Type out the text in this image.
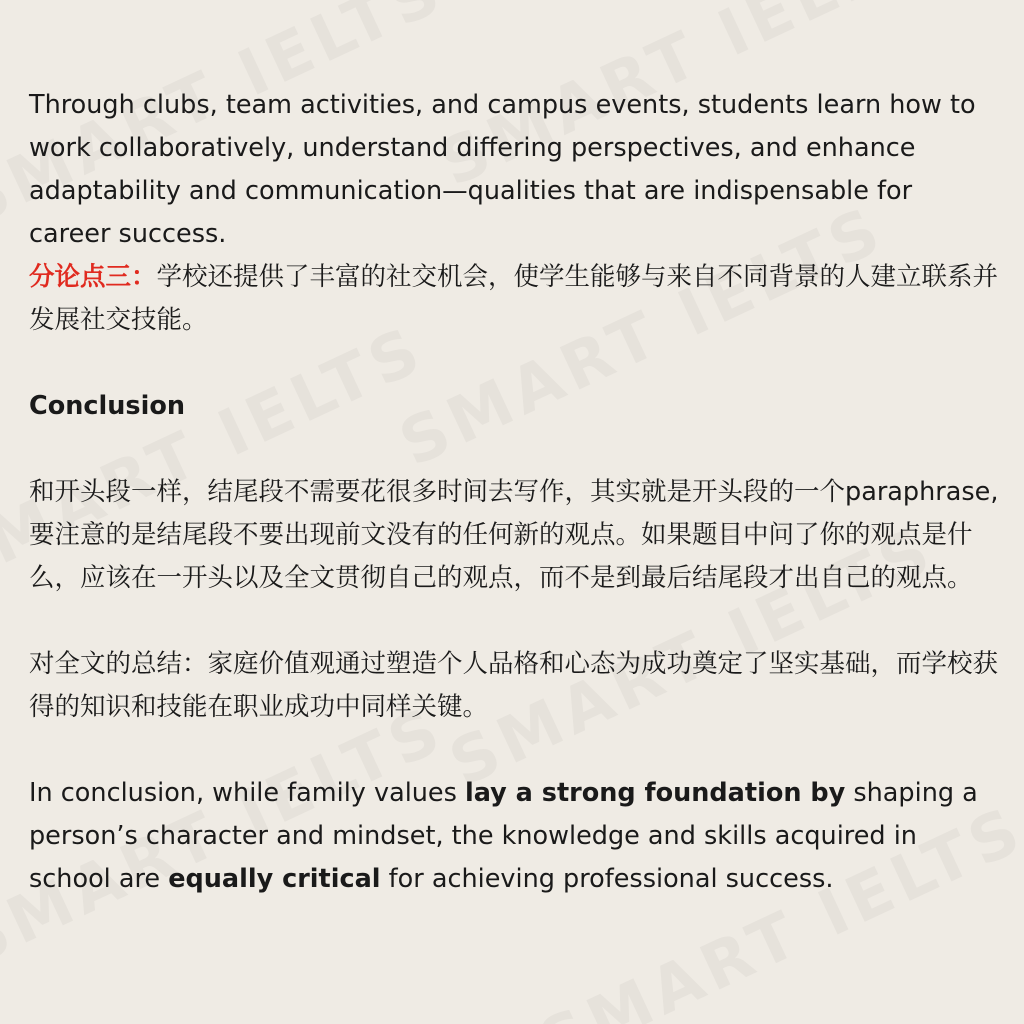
Through clubs, team activities, and campus events, students learn how to work collaboratively, understand differing perspectives, and enhance adaptability and communication—qualities that are indispensable for career success.

分论点三：学校还提供了丰富的社交机会，使学生能够与来自不同背景的人建立联系并发展社交技能。

Conclusion

和开头段一样，结尾段不需要花很多时间去写作，其实就是开头段的一个paraphrase, 要注意的是结尾段不要出现前文没有的任何新的观点。如果题目中问了你的观点是什么，应该在一开头以及全文贯彻自己的观点，而不是到最后结尾段才出自己的观点。

对全文的总结：家庭价值观通过塑造个人品格和心态为成功奠定了坚实基础，而学校获得的知识和技能在职业成功中同样关键。

In conclusion, while family values lay a strong foundation by shaping a person’s character and mindset, the knowledge and skills acquired in school are equally critical for achieving professional success.
